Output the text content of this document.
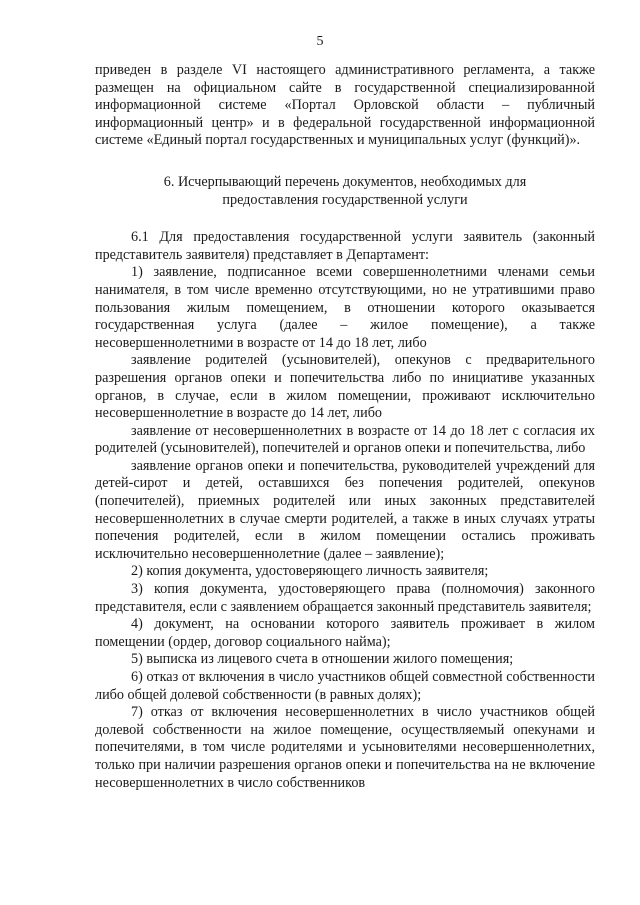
5

приведен в разделе VI настоящего административного регламента, а также размещен на официальном сайте в государственной специализированной информационной системе «Портал Орловской области – публичный информационный центр» и в федеральной государственной информационной системе «Единый портал государственных и муниципальных услуг (функций)».

6. Исчерпывающий перечень документов, необходимых для предоставления государственной услуги

6.1 Для предоставления государственной услуги заявитель (законный представитель заявителя) представляет в Департамент:

1) заявление, подписанное всеми совершеннолетними членами семьи нанимателя, в том числе временно отсутствующими, но не утратившими право пользования жилым помещением, в отношении которого оказывается государственная услуга (далее – жилое помещение), а также несовершеннолетними в возрасте от 14 до 18 лет, либо

заявление родителей (усыновителей), опекунов с предварительного разрешения органов опеки и попечительства либо по инициативе указанных органов, в случае, если в жилом помещении, проживают исключительно несовершеннолетние в возрасте до 14 лет, либо

заявление от несовершеннолетних в возрасте от 14 до 18 лет с согласия их родителей (усыновителей), попечителей и органов опеки и попечительства, либо

заявление органов опеки и попечительства, руководителей учреждений для детей-сирот и детей, оставшихся без попечения родителей, опекунов (попечителей), приемных родителей или иных законных представителей несовершеннолетних в случае смерти родителей, а также в иных случаях утраты попечения родителей, если в жилом помещении остались проживать исключительно несовершеннолетние (далее – заявление);

2) копия документа, удостоверяющего личность заявителя;

3) копия документа, удостоверяющего права (полномочия) законного представителя, если с заявлением обращается законный представитель заявителя;

4) документ, на основании которого заявитель проживает в жилом помещении (ордер, договор социального найма);

5) выписка из лицевого счета в отношении жилого помещения;

6) отказ от включения в число участников общей совместной собственности либо общей долевой собственности (в равных долях);

7) отказ от включения несовершеннолетних в число участников общей долевой собственности на жилое помещение, осуществляемый опекунами и попечителями, в том числе родителями и усыновителями несовершеннолетних, только при наличии разрешения органов опеки и попечительства на не включение несовершеннолетних в число собственников
